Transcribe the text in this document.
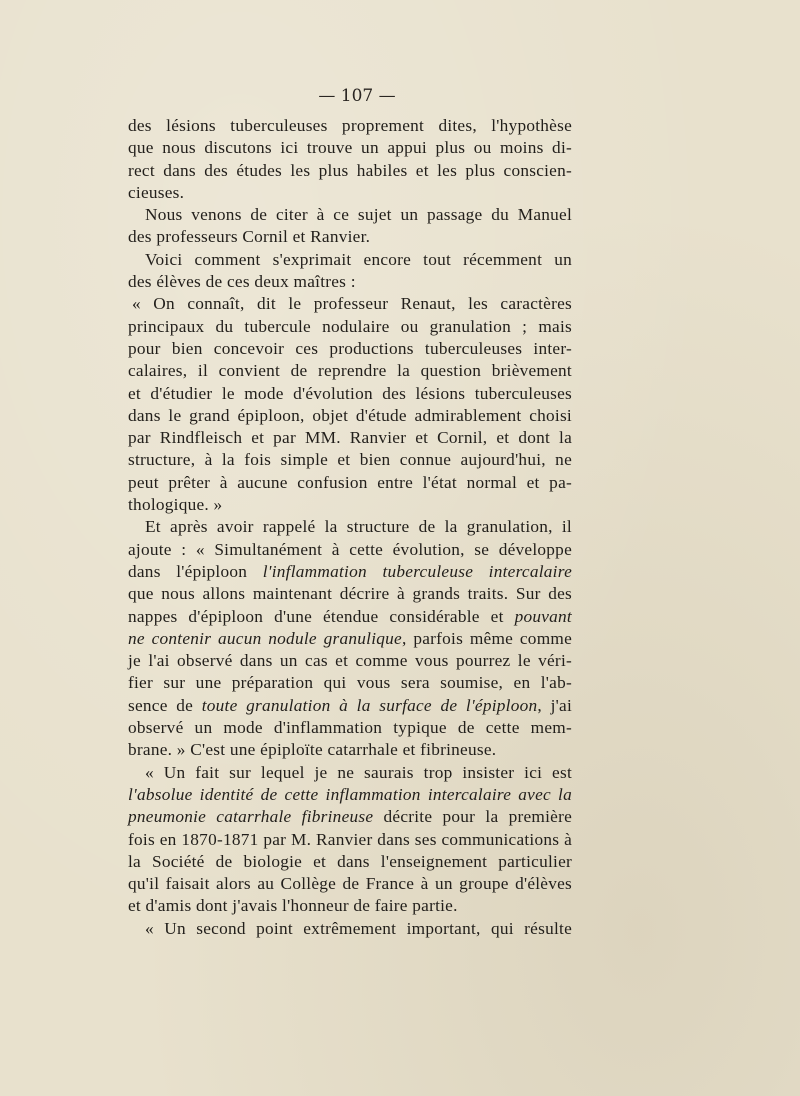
— 107 —
des lésions tuberculeuses proprement dites, l'hypothèse
que nous discutons ici trouve un appui plus ou moins di-
rect dans des études les plus habiles et les plus conscien-
cieuses.
Nous venons de citer à ce sujet un passage du Manuel
des professeurs Cornil et Ranvier.
Voici comment s'exprimait encore tout récemment un
des élèves de ces deux maîtres :
« On connaît, dit le professeur Renaut, les caractères
principaux du tubercule nodulaire ou granulation ; mais
pour bien concevoir ces productions tuberculeuses inter-
calaires, il convient de reprendre la question brièvement
et d'étudier le mode d'évolution des lésions tuberculeuses
dans le grand épiploon, objet d'étude admirablement choisi
par Rindfleisch et par MM. Ranvier et Cornil, et dont la
structure, à la fois simple et bien connue aujourd'hui, ne
peut prêter à aucune confusion entre l'état normal et pa-
thologique. »
Et après avoir rappelé la structure de la granulation, il
ajoute : « Simultanément à cette évolution, se développe
dans l'épiploon l'inflammation tuberculeuse intercalaire
que nous allons maintenant décrire à grands traits. Sur des
nappes d'épiploon d'une étendue considérable et pouvant
ne contenir aucun nodule granulique, parfois même comme
je l'ai observé dans un cas et comme vous pourrez le véri-
fier sur une préparation qui vous sera soumise, en l'ab-
sence de toute granulation à la surface de l'épiploon, j'ai
observé un mode d'inflammation typique de cette mem-
brane. » C'est une épiploïte catarrhale et fibrineuse.
« Un fait sur lequel je ne saurais trop insister ici est
l'absolue identité de cette inflammation intercalaire avec la
pneumonie catarrhale fibrineuse décrite pour la première
fois en 1870-1871 par M. Ranvier dans ses communications à
la Société de biologie et dans l'enseignement particulier
qu'il faisait alors au Collège de France à un groupe d'élèves
et d'amis dont j'avais l'honneur de faire partie.
« Un second point extrêmement important, qui résulte
